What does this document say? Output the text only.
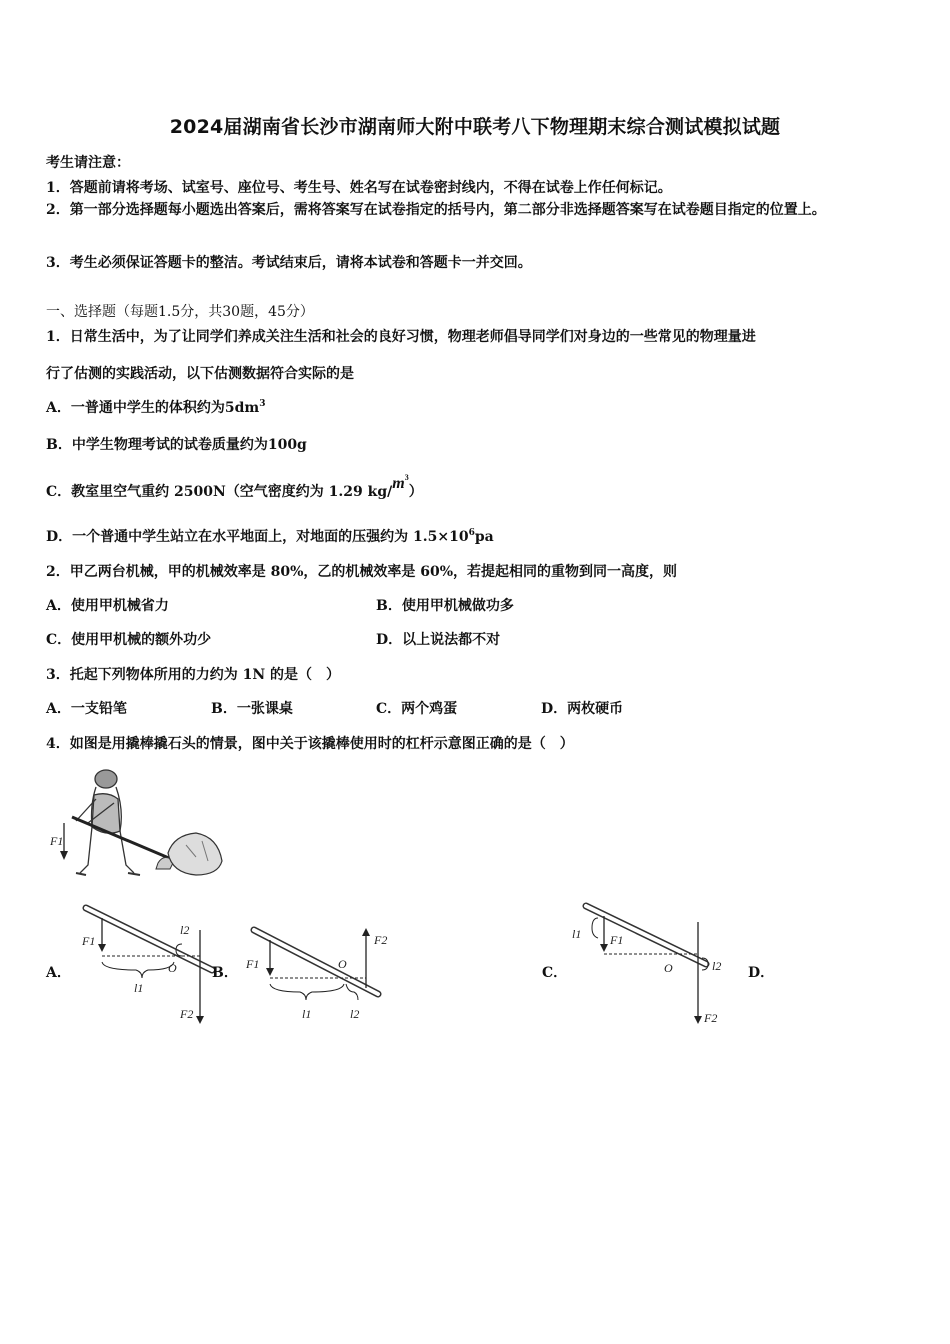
2024届湖南省长沙市湖南师大附中联考八下物理期末综合测试模拟试题
考生请注意：
1．答题前请将考场、试室号、座位号、考生号、姓名写在试卷密封线内，不得在试卷上作任何标记。
2．第一部分选择题每小题选出答案后，需将答案写在试卷指定的括号内，第二部分非选择题答案写在试卷题目指定的位置上。
3．考生必须保证答题卡的整洁。考试结束后，请将本试卷和答题卡一并交回。
一、选择题（每题1.5分，共30题，45分）
1．日常生活中，为了让同学们养成关注生活和社会的良好习惯，物理老师倡导同学们对身边的一些常见的物理量进
行了估测的实践活动，以下估测数据符合实际的是
A．一普通中学生的体积约为$5dm^3$
B．中学生物理考试的试卷质量约为100g
C．教室里空气重约 2500N（空气密度约为 1.29 $kg/m^3$）
D．一个普通中学生站立在水平地面上，对地面的压强约为 $1.5\times 10^6pa$
2．甲乙两台机械，甲的机械效率是 80%，乙的机械效率是 60%，若提起相同的重物到同一高度，则
A．使用甲机械省力	B．使用甲机械做功多
C．使用甲机械的额外功少	D．以上说法都不对
3．托起下列物体所用的力约为 1N 的是（　）
A．一支铅笔	B．一张课桌	C．两个鸡蛋	D．两枚硬币
4．如图是用撬棒撬石头的情景，图中关于该撬棒使用时的杠杆示意图正确的是（　）
F1
A．
F1
F2
O
l1
l2
B．
F1
F2
O
l1	l2
C．
F1
l1
F2
O	l2 D．
